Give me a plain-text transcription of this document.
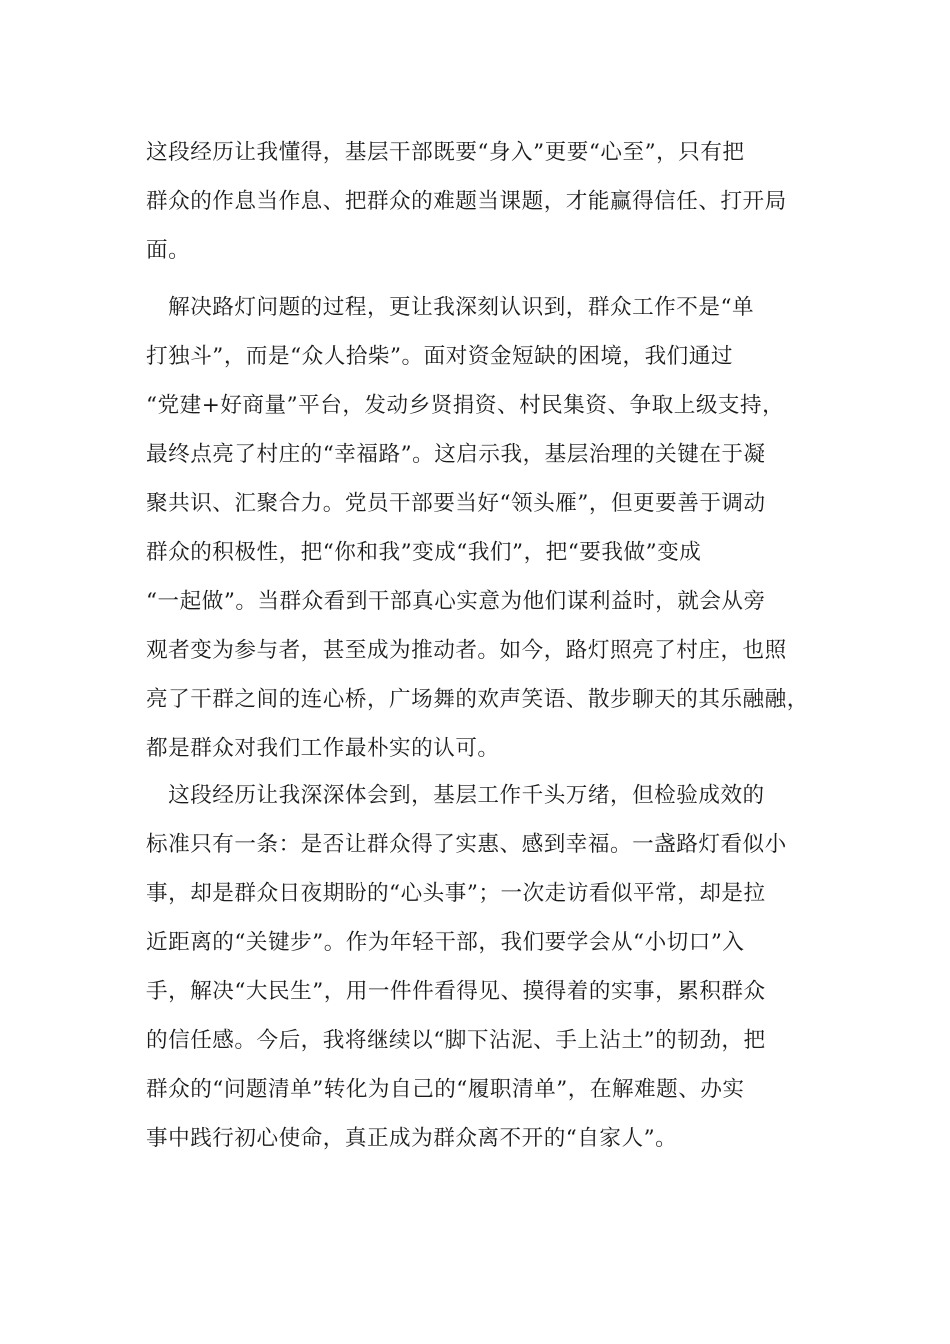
这段经历让我懂得，基层干部既要“身入”更要“心至”，只有把
群众的作息当作息、把群众的难题当课题，才能赢得信任、打开局
面。
　解决路灯问题的过程，更让我深刻认识到，群众工作不是“单
打独斗”，而是“众人拾柴”。面对资金短缺的困境，我们通过
“党建+好商量”平台，发动乡贤捐资、村民集资、争取上级支持，
最终点亮了村庄的“幸福路”。这启示我，基层治理的关键在于凝
聚共识、汇聚合力。党员干部要当好“领头雁”，但更要善于调动
群众的积极性，把“你和我”变成“我们”，把“要我做”变成
“一起做”。当群众看到干部真心实意为他们谋利益时，就会从旁
观者变为参与者，甚至成为推动者。如今，路灯照亮了村庄，也照
亮了干群之间的连心桥，广场舞的欢声笑语、散步聊天的其乐融融，
都是群众对我们工作最朴实的认可。
　这段经历让我深深体会到，基层工作千头万绪，但检验成效的
标准只有一条：是否让群众得了实惠、感到幸福。一盏路灯看似小
事，却是群众日夜期盼的“心头事”；一次走访看似平常，却是拉
近距离的“关键步”。作为年轻干部，我们要学会从“小切口”入
手，解决“大民生”，用一件件看得见、摸得着的实事，累积群众
的信任感。今后，我将继续以“脚下沾泥、手上沾土”的韧劲，把
群众的“问题清单”转化为自己的“履职清单”，在解难题、办实
事中践行初心使命，真正成为群众离不开的“自家人”。
